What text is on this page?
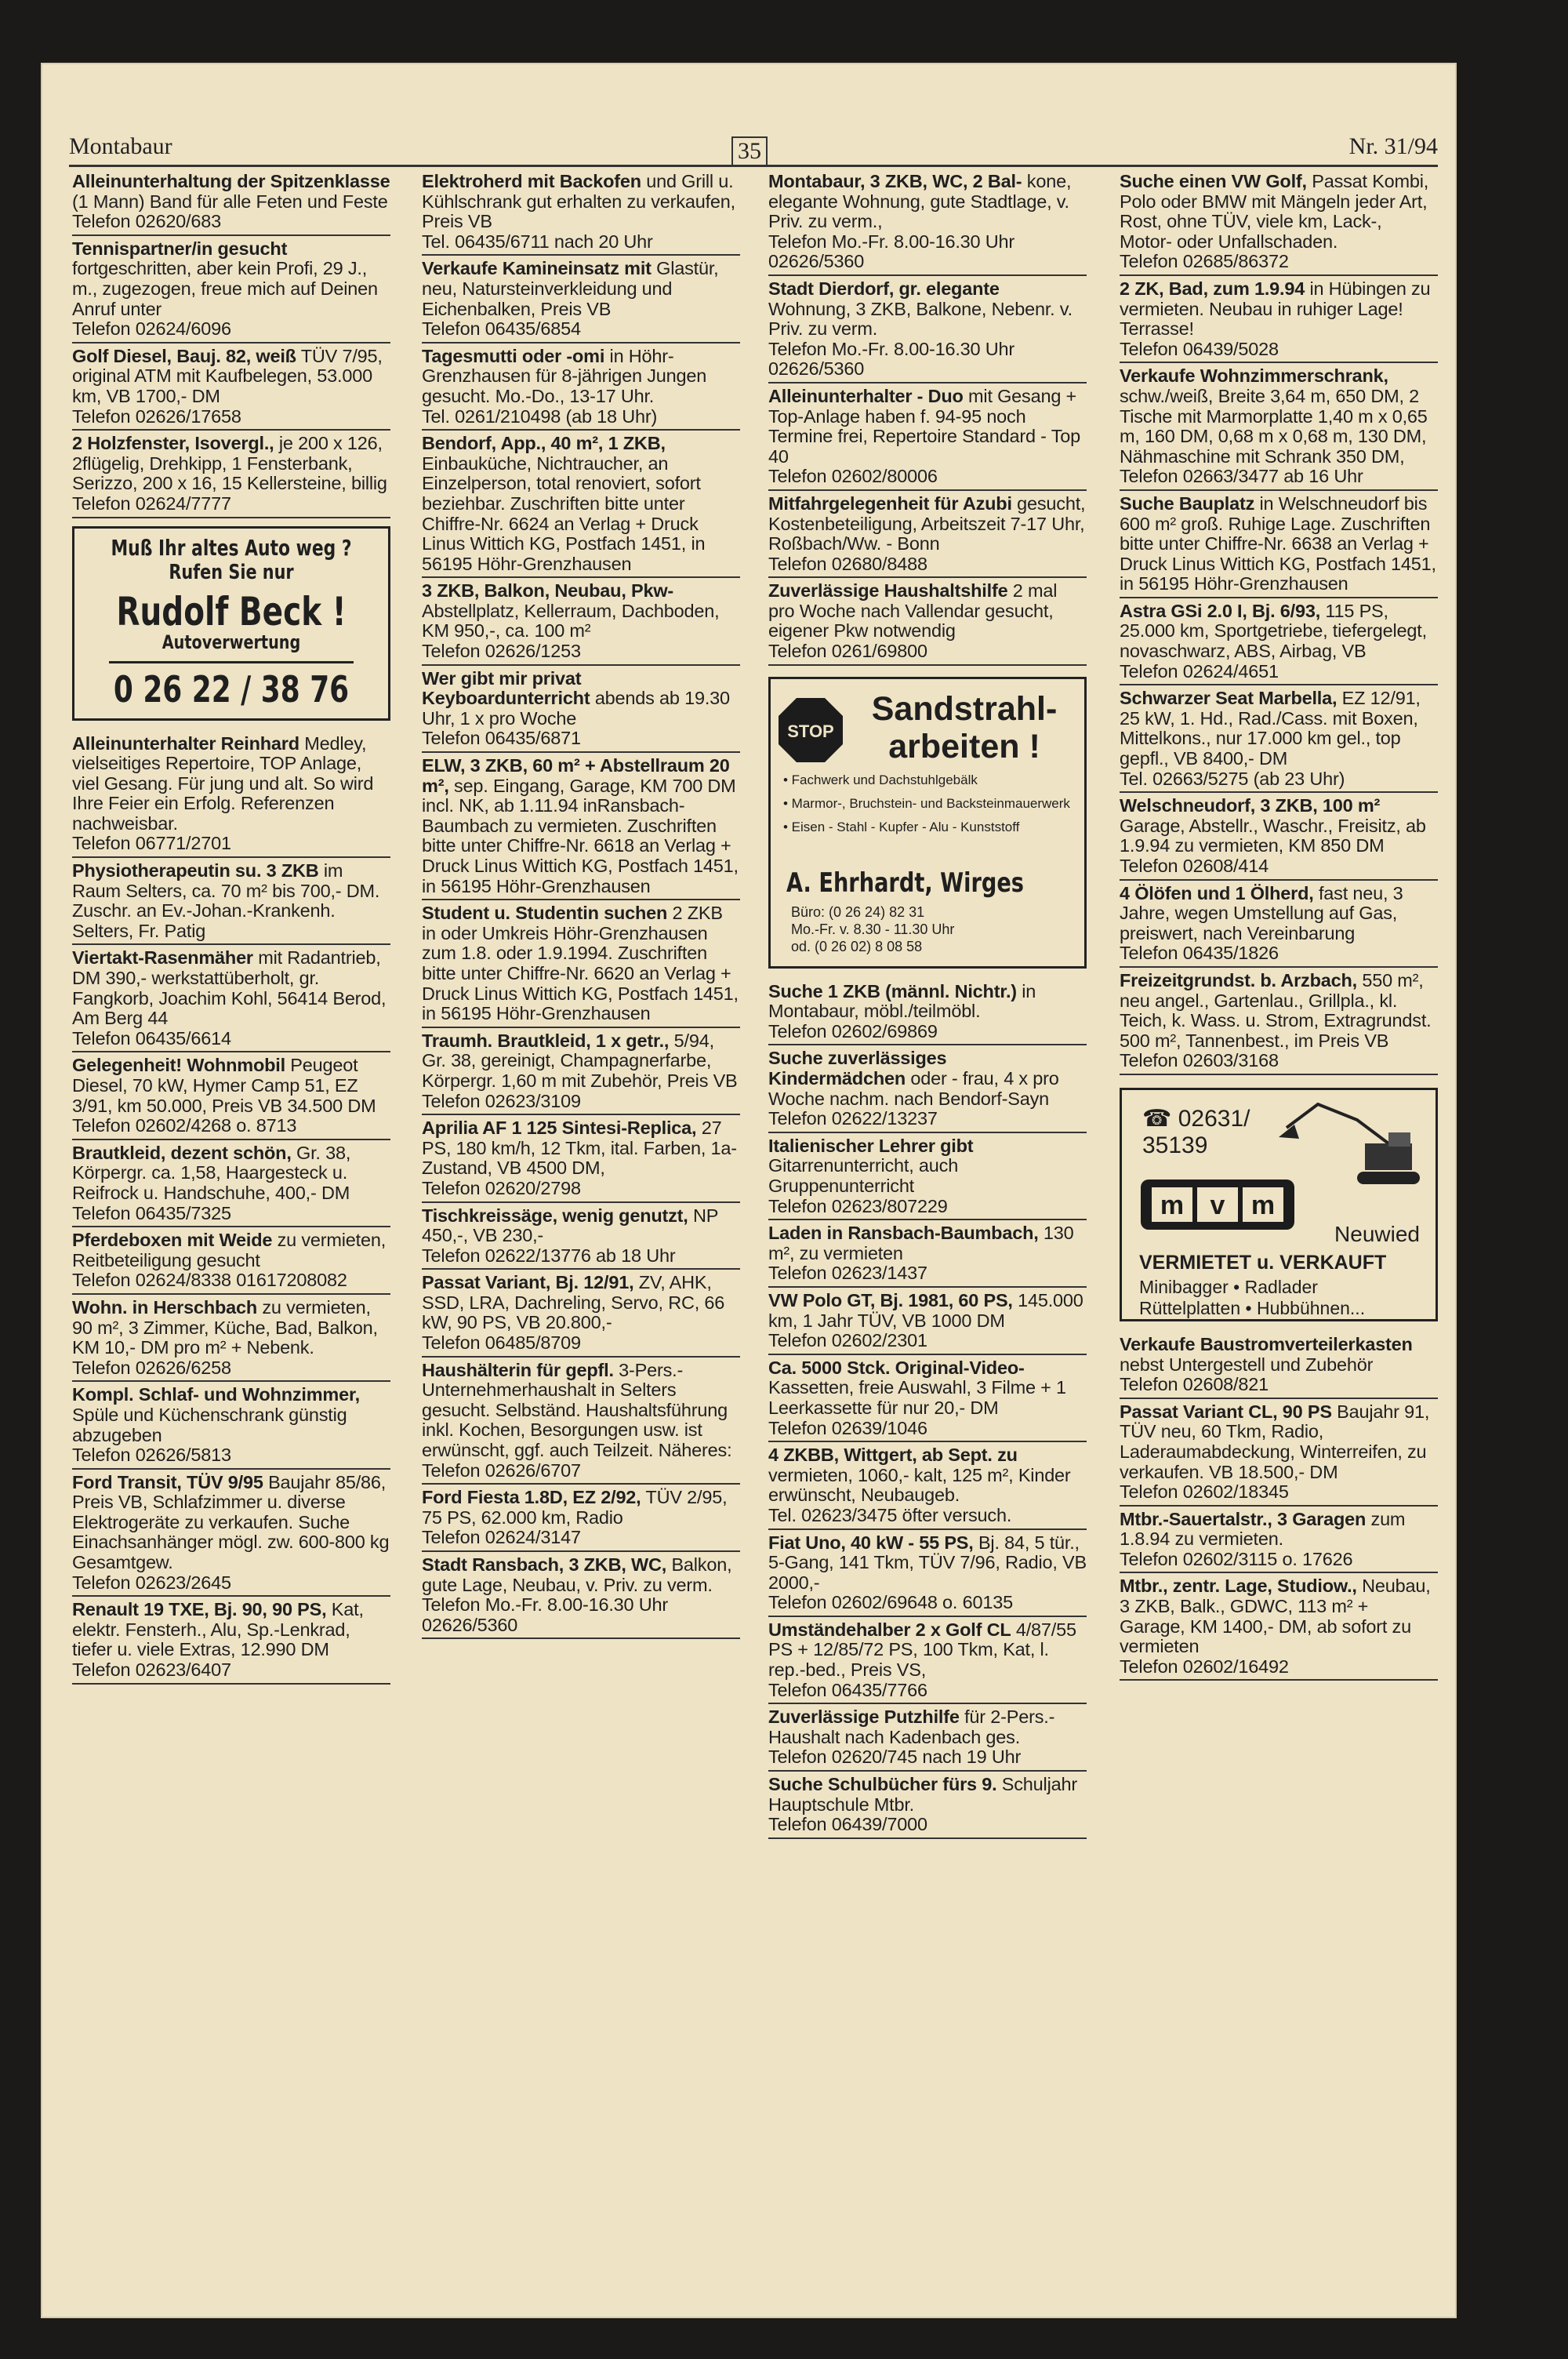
Montabaur	35	Nr. 31/94
Alleinunterhaltung der Spitzenklasse (1 Mann) Band für alle Feten und Feste
Telefon 02620/683
Tennispartner/in gesucht fortgeschritten, aber kein Profi, 29 J., m., zugezogen, freue mich auf Deinen Anruf unter
Telefon 02624/6096
Golf Diesel, Bauj. 82, weiß TÜV 7/95, original ATM mit Kaufbelegen, 53.000 km, VB 1700,- DM
Telefon 02626/17658
2 Holzfenster, Isovergl., je 200 x 126, 2flügelig, Drehkipp, 1 Fensterbank, Serizzo, 200 x 16, 15 Kellersteine, billig
Telefon 02624/7777
Muß Ihr altes Auto weg ?
Rufen Sie nur
Rudolf Beck !
Autoverwertung
0 26 22 / 38 76
Alleinunterhalter Reinhard Medley, vielseitiges Repertoire, TOP Anlage, viel Gesang. Für jung und alt. So wird Ihre Feier ein Erfolg. Referenzen nachweisbar.
Telefon 06771/2701
Physiotherapeutin su. 3 ZKB im Raum Selters, ca. 70 m² bis 700,- DM. Zuschr. an Ev.-Johan.-Krankenh. Selters, Fr. Patig
Viertakt-Rasenmäher mit Radantrieb, DM 390,- werkstattüberholt, gr. Fangkorb, Joachim Kohl, 56414 Berod, Am Berg 44
Telefon 06435/6614
Gelegenheit! Wohnmobil Peugeot Diesel, 70 kW, Hymer Camp 51, EZ 3/91, km 50.000, Preis VB 34.500 DM
Telefon 02602/4268 o. 8713
Brautkleid, dezent schön, Gr. 38, Körpergr. ca. 1,58, Haargesteck u. Reifrock u. Handschuhe, 400,- DM
Telefon 06435/7325
Pferdeboxen mit Weide zu vermieten, Reitbeteiligung gesucht
Telefon 02624/8338 01617208082
Wohn. in Herschbach zu vermieten, 90 m², 3 Zimmer, Küche, Bad, Balkon, KM 10,- DM pro m² + Nebenk.
Telefon 02626/6258
Kompl. Schlaf- und Wohnzimmer, Spüle und Küchenschrank günstig abzugeben
Telefon 02626/5813
Ford Transit, TÜV 9/95 Baujahr 85/86, Preis VB, Schlafzimmer u. diverse Elektrogeräte zu verkaufen. Suche Einachsanhänger mögl. zw. 600-800 kg Gesamtgew.
Telefon 02623/2645
Renault 19 TXE, Bj. 90, 90 PS, Kat, elektr. Fensterh., Alu, Sp.-Lenkrad, tiefer u. viele Extras, 12.990 DM
Telefon 02623/6407
Elektroherd mit Backofen und Grill u. Kühlschrank gut erhalten zu verkaufen, Preis VB
Tel. 06435/6711 nach 20 Uhr
Verkaufe Kamineinsatz mit Glastür, neu, Natursteinverkleidung und Eichenbalken, Preis VB
Telefon 06435/6854
Tagesmutti oder -omi in Höhr-Grenzhausen für 8-jährigen Jungen gesucht. Mo.-Do., 13-17 Uhr.
Tel. 0261/210498 (ab 18 Uhr)
Bendorf, App., 40 m², 1 ZKB, Einbauküche, Nichtraucher, an Einzelperson, total renoviert, sofort beziehbar. Zuschriften bitte unter Chiffre-Nr. 6624 an Verlag + Druck Linus Wittich KG, Postfach 1451, in 56195 Höhr-Grenzhausen
3 ZKB, Balkon, Neubau, Pkw- Abstellplatz, Kellerraum, Dachboden, KM 950,-, ca. 100 m²
Telefon 02626/1253
Wer gibt mir privat Keyboardunterricht abends ab 19.30 Uhr, 1 x pro Woche
Telefon 06435/6871
ELW, 3 ZKB, 60 m² + Abstellraum 20 m², sep. Eingang, Garage, KM 700 DM incl. NK, ab 1.11.94 inRansbach-Baumbach zu vermieten. Zuschriften bitte unter Chiffre-Nr. 6618 an Verlag + Druck Linus Wittich KG, Postfach 1451, in 56195 Höhr-Grenzhausen
Student u. Studentin suchen 2 ZKB in oder Umkreis Höhr-Grenzhausen zum 1.8. oder 1.9.1994. Zuschriften bitte unter Chiffre-Nr. 6620 an Verlag + Druck Linus Wittich KG, Postfach 1451, in 56195 Höhr-Grenzhausen
Traumh. Brautkleid, 1 x getr., 5/94, Gr. 38, gereinigt, Champagnerfarbe, Körpergr. 1,60 m mit Zubehör, Preis VB
Telefon 02623/3109
Aprilia AF 1 125 Sintesi-Replica, 27 PS, 180 km/h, 12 Tkm, ital. Farben, 1a-Zustand, VB 4500 DM,
Telefon 02620/2798
Tischkreissäge, wenig genutzt, NP 450,-, VB 230,-
Telefon 02622/13776 ab 18 Uhr
Passat Variant, Bj. 12/91, ZV, AHK, SSD, LRA, Dachreling, Servo, RC, 66 kW, 90 PS, VB 20.800,-
Telefon 06485/8709
Haushälterin für gepfl. 3-Pers.-Unternehmerhaushalt in Selters gesucht. Selbständ. Haushaltsführung inkl. Kochen, Besorgungen usw. ist erwünscht, ggf. auch Teilzeit. Näheres:
Telefon 02626/6707
Ford Fiesta 1.8D, EZ 2/92, TÜV 2/95, 75 PS, 62.000 km, Radio
Telefon 02624/3147
Stadt Ransbach, 3 ZKB, WC, Balkon, gute Lage, Neubau, v. Priv. zu verm.
Telefon Mo.-Fr. 8.00-16.30 Uhr 02626/5360
Montabaur, 3 ZKB, WC, 2 Bal- kone, elegante Wohnung, gute Stadtlage, v. Priv. zu verm.,
Telefon Mo.-Fr. 8.00-16.30 Uhr 02626/5360
Stadt Dierdorf, gr. elegante Wohnung, 3 ZKB, Balkone, Nebenr. v. Priv. zu verm.
Telefon Mo.-Fr. 8.00-16.30 Uhr 02626/5360
Alleinunterhalter - Duo mit Gesang + Top-Anlage haben f. 94-95 noch Termine frei, Repertoire Standard - Top 40
Telefon 02602/80006
Mitfahrgelegenheit für Azubi gesucht, Kostenbeteiligung, Arbeitszeit 7-17 Uhr, Roßbach/Ww. - Bonn
Telefon 02680/8488
Zuverlässige Haushaltshilfe 2 mal pro Woche nach Vallendar gesucht, eigener Pkw notwendig
Telefon 0261/69800
STOP
Sandstrahl-arbeiten !
• Fachwerk und Dachstuhlgebälk
• Marmor-, Bruchstein- und Backsteinmauerwerk
• Eisen - Stahl - Kupfer - Alu - Kunststoff
A. Ehrhardt, Wirges
Büro: (0 26 24) 82 31
Mo.-Fr. v. 8.30 - 11.30 Uhr
od. (0 26 02) 8 08 58
Suche 1 ZKB (männl. Nichtr.) in Montabaur, möbl./teilmöbl.
Telefon 02602/69869
Suche zuverlässiges Kindermädchen oder - frau, 4 x pro Woche nachm. nach Bendorf-Sayn
Telefon 02622/13237
Italienischer Lehrer gibt Gitarrenunterricht, auch Gruppenunterricht
Telefon 02623/807229
Laden in Ransbach-Baumbach, 130 m², zu vermieten
Telefon 02623/1437
VW Polo GT, Bj. 1981, 60 PS, 145.000 km, 1 Jahr TÜV, VB 1000 DM
Telefon 02602/2301
Ca. 5000 Stck. Original-Video- Kassetten, freie Auswahl, 3 Filme + 1 Leerkassette für nur 20,- DM
Telefon 02639/1046
4 ZKBB, Wittgert, ab Sept. zu vermieten, 1060,- kalt, 125 m², Kinder erwünscht, Neubaugeb.
Tel. 02623/3475 öfter versuch.
Fiat Uno, 40 kW - 55 PS, Bj. 84, 5 tür., 5-Gang, 141 Tkm, TÜV 7/96, Radio, VB 2000,-
Telefon 02602/69648 o. 60135
Umständehalber 2 x Golf CL 4/87/55 PS + 12/85/72 PS, 100 Tkm, Kat, l. rep.-bed., Preis VS,
Telefon 06435/7766
Zuverlässige Putzhilfe für 2-Pers.-Haushalt nach Kadenbach ges.
Telefon 02620/745 nach 19 Uhr
Suche Schulbücher fürs 9. Schuljahr Hauptschule Mtbr.
Telefon 06439/7000
Suche einen VW Golf, Passat Kombi, Polo oder BMW mit Mängeln jeder Art, Rost, ohne TÜV, viele km, Lack-, Motor- oder Unfallschaden.
Telefon 02685/86372
2 ZK, Bad, zum 1.9.94 in Hübingen zu vermieten. Neubau in ruhiger Lage! Terrasse!
Telefon 06439/5028
Verkaufe Wohnzimmerschrank, schw./weiß, Breite 3,64 m, 650 DM, 2 Tische mit Marmorplatte 1,40 m x 0,65 m, 160 DM, 0,68 m x 0,68 m, 130 DM, Nähmaschine mit Schrank 350 DM,
Telefon 02663/3477 ab 16 Uhr
Suche Bauplatz in Welschneudorf bis 600 m² groß. Ruhige Lage. Zuschriften bitte unter Chiffre-Nr. 6638 an Verlag + Druck Linus Wittich KG, Postfach 1451, in 56195 Höhr-Grenzhausen
Astra GSi 2.0 I, Bj. 6/93, 115 PS, 25.000 km, Sportgetriebe, tiefergelegt, novaschwarz, ABS, Airbag, VB
Telefon 02624/4651
Schwarzer Seat Marbella, EZ 12/91, 25 kW, 1. Hd., Rad./Cass. mit Boxen, Mittelkons., nur 17.000 km gel., top gepfl., VB 8400,- DM
Tel. 02663/5275 (ab 23 Uhr)
Welschneudorf, 3 ZKB, 100 m² Garage, Abstellr., Waschr., Freisitz, ab 1.9.94 zu vermieten, KM 850 DM
Telefon 02608/414
4 Ölöfen und 1 Ölherd, fast neu, 3 Jahre, wegen Umstellung auf Gas, preiswert, nach Vereinbarung
Telefon 06435/1826
Freizeitgrundst. b. Arzbach, 550 m², neu angel., Gartenlau., Grillpla., kl. Teich, k. Wass. u. Strom, Extragrundst. 500 m², Tannenbest., im Preis VB
Telefon 02603/3168
☎ 02631/
35139
m v m
Neuwied
VERMIETET u. VERKAUFT
Minibagger • Radlader
Rüttelplatten • Hubbühnen...
Verkaufe Baustromverteilerkasten nebst Untergestell und Zubehör
Telefon 02608/821
Passat Variant CL, 90 PS Baujahr 91, TÜV neu, 60 Tkm, Radio, Laderaumabdeckung, Winterreifen, zu verkaufen. VB 18.500,- DM
Telefon 02602/18345
Mtbr.-Sauertalstr., 3 Garagen zum 1.8.94 zu vermieten.
Telefon 02602/3115 o. 17626
Mtbr., zentr. Lage, Studiow., Neubau, 3 ZKB, Balk., GDWC, 113 m² + Garage, KM 1400,- DM, ab sofort zu vermieten
Telefon 02602/16492
